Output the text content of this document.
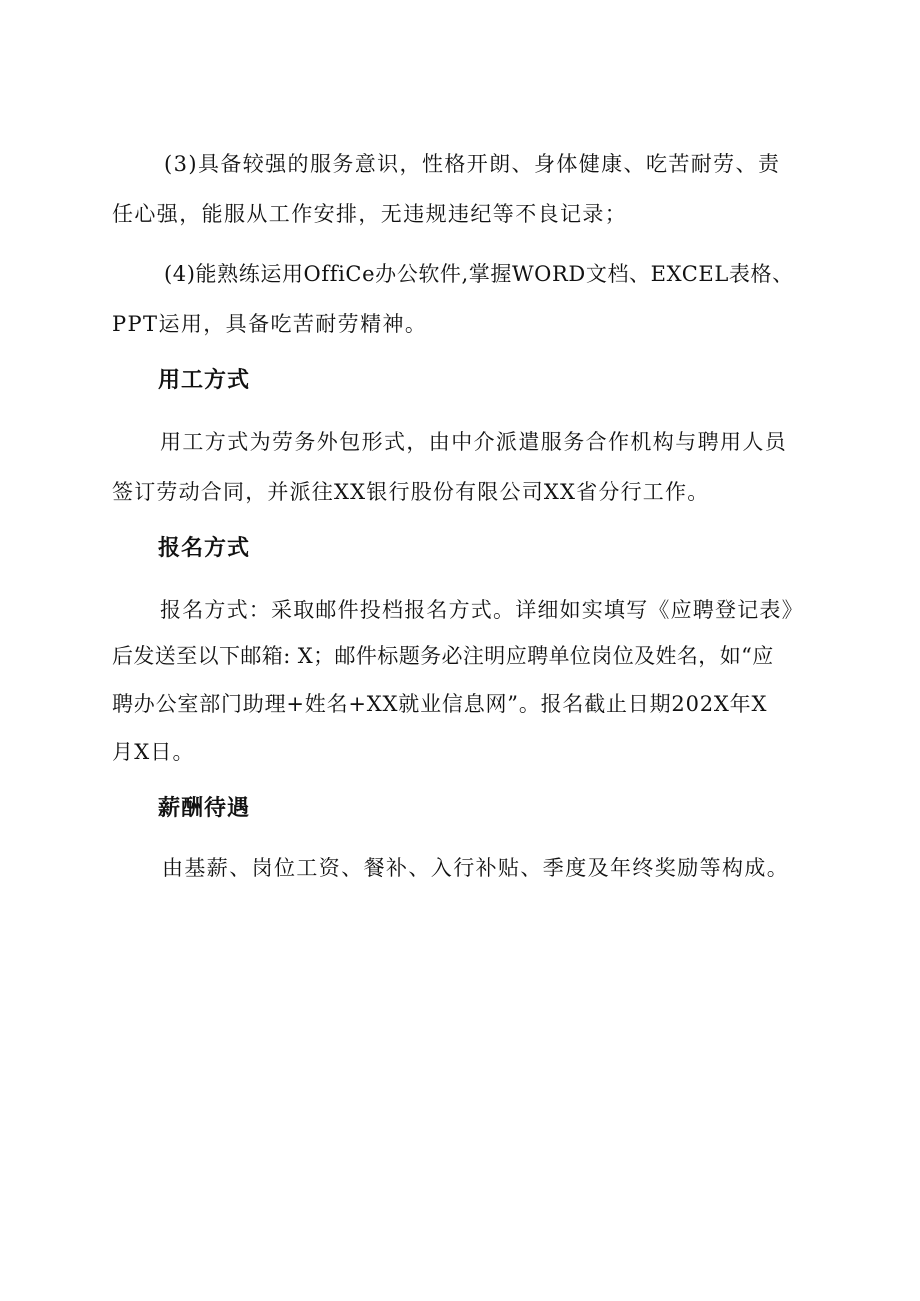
(3)具备较强的服务意识，性格开朗、身体健康、吃苦耐劳、责
任心强，能服从工作安排，无违规违纪等不良记录；
(4)能熟练运用OffiCe办公软件,掌握WORD文档、EXCEL表格、
PPT运用，具备吃苦耐劳精神。
用工方式
用工方式为劳务外包形式，由中介派遣服务合作机构与聘用人员
签订劳动合同，并派往XX银行股份有限公司XX省分行工作。
报名方式
报名方式：采取邮件投档报名方式。详细如实填写《应聘登记表》
后发送至以下邮箱: X；邮件标题务必注明应聘单位岗位及姓名，如“应
聘办公室部门助理+姓名+XX就业信息网”。报名截止日期202X年X
月X日。
薪酬待遇
由基薪、岗位工资、餐补、入行补贴、季度及年终奖励等构成。
